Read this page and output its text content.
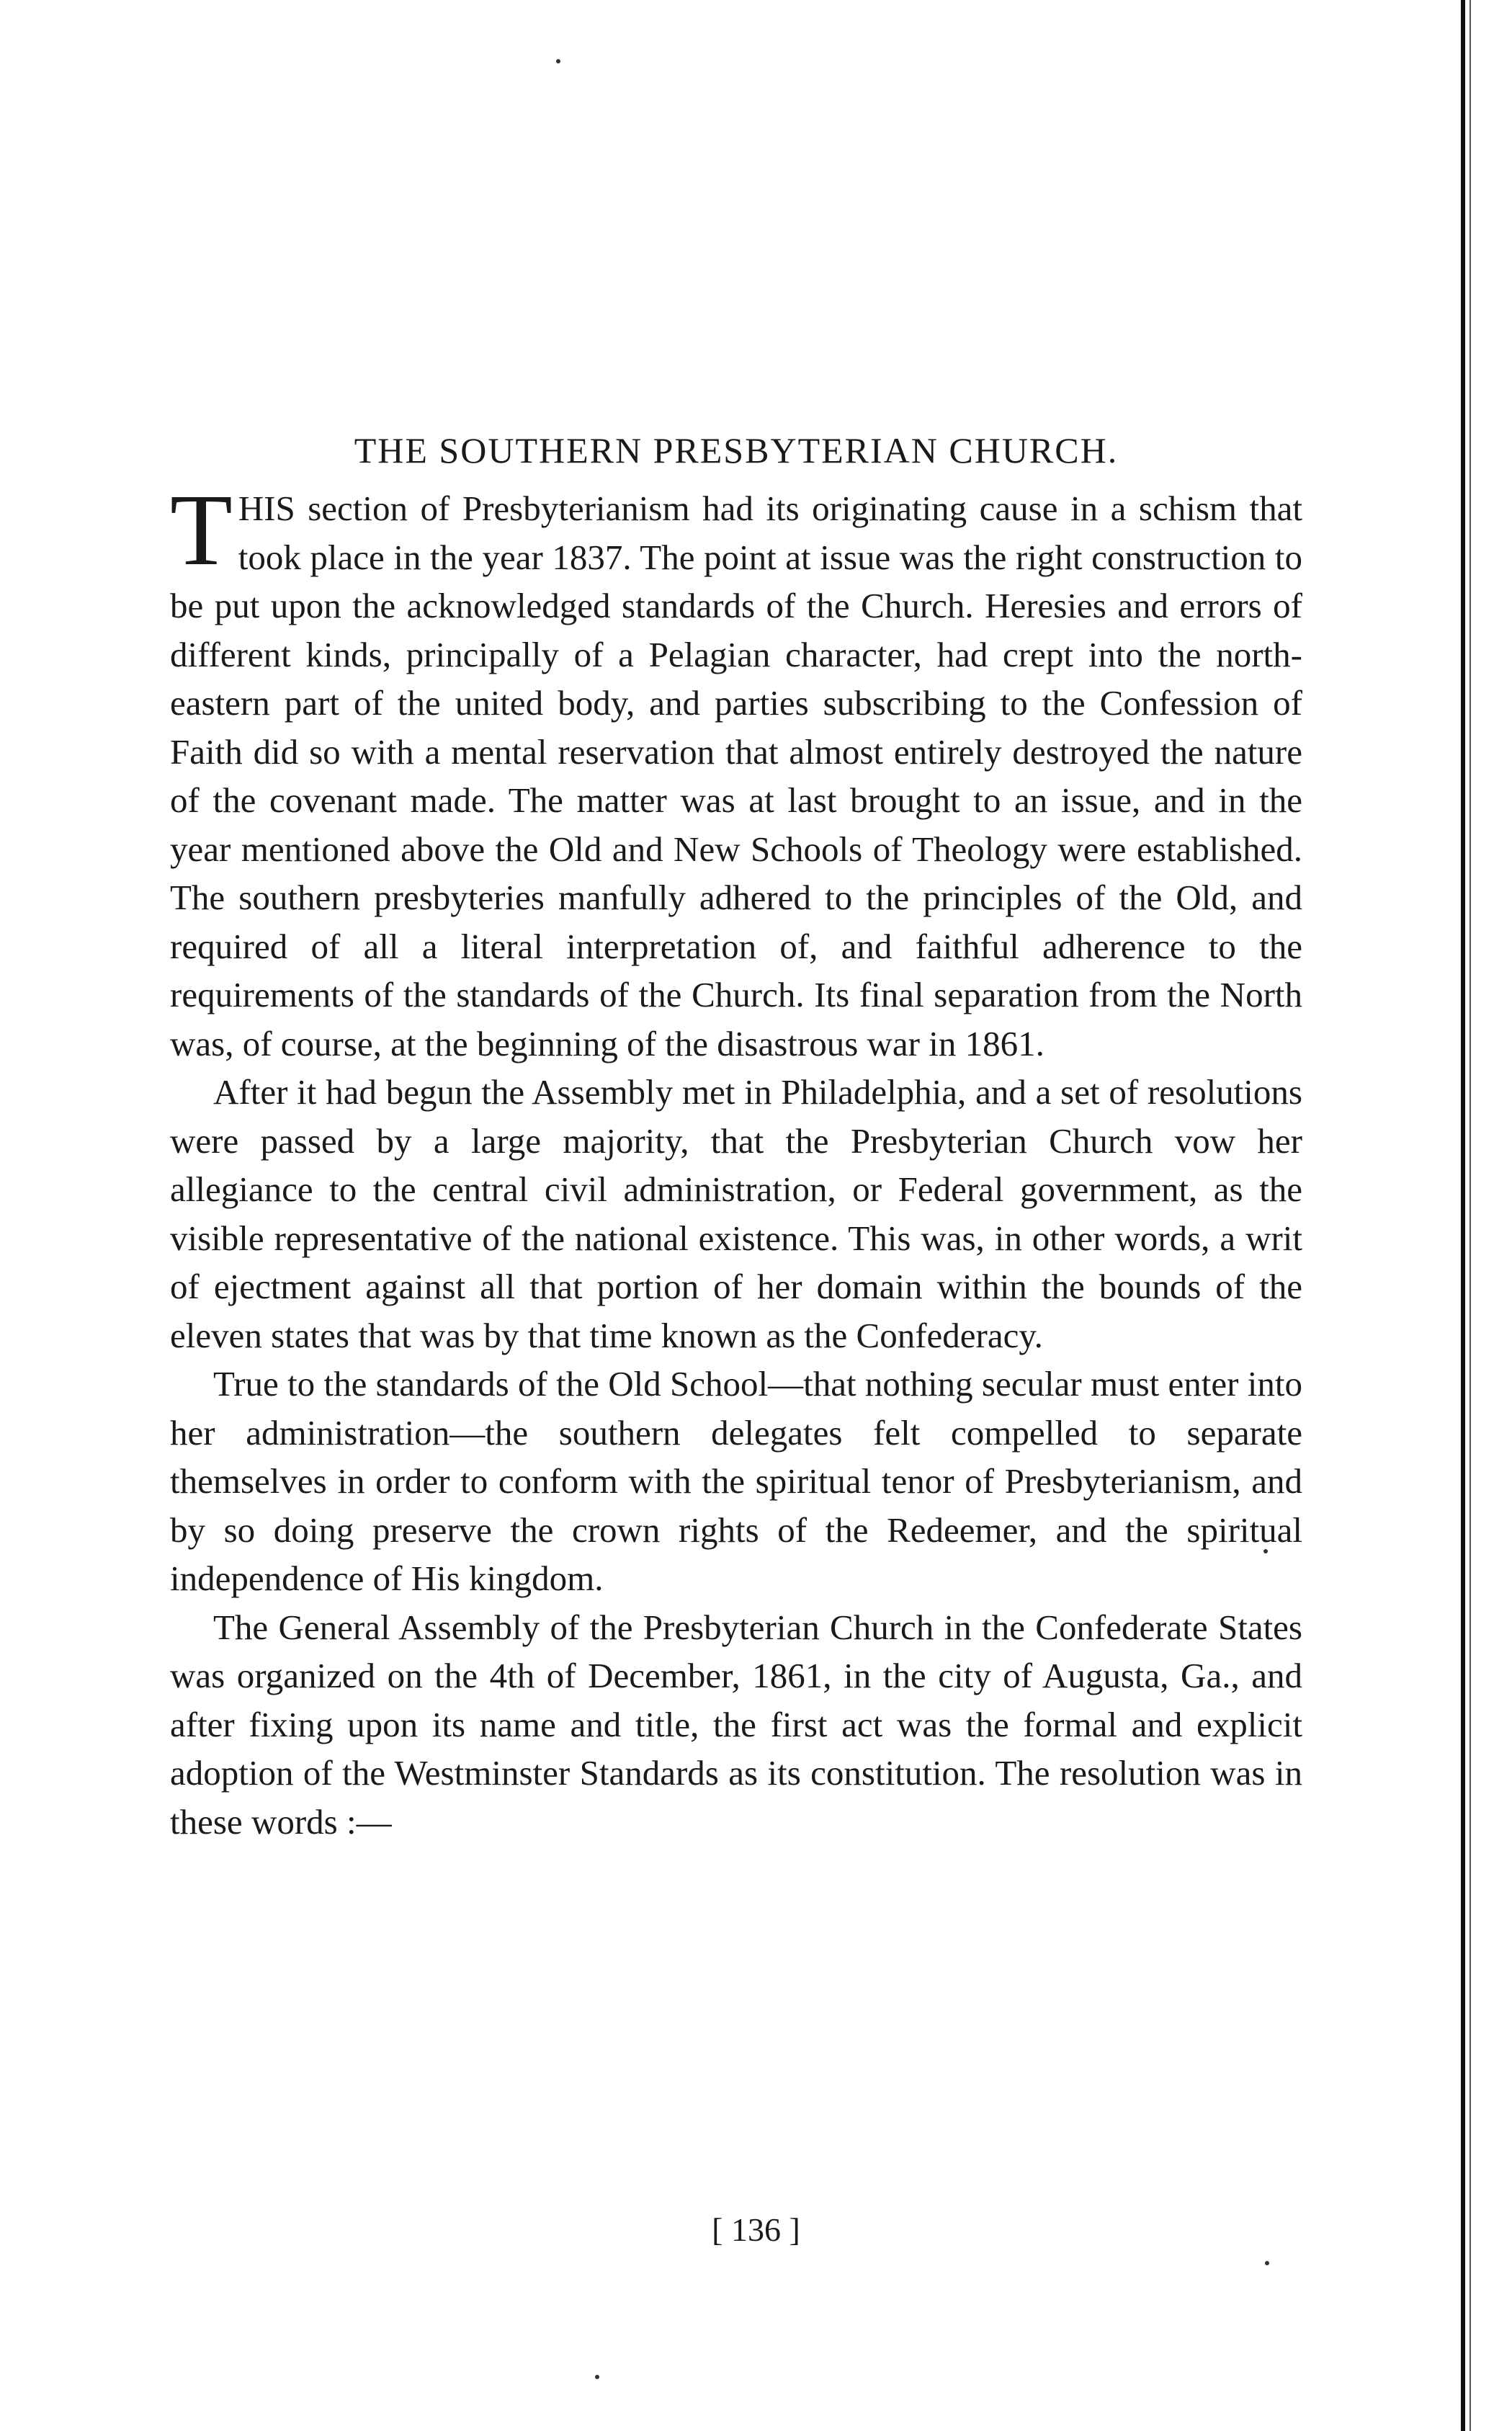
THE SOUTHERN PRESBYTERIAN CHURCH.

THIS section of Presbyterianism had its originating cause in a schism that took place in the year 1837. The point at issue was the right construction to be put upon the acknowledged standards of the Church. Heresies and errors of different kinds, principally of a Pelagian character, had crept into the north-eastern part of the united body, and parties subscribing to the Confession of Faith did so with a mental reservation that almost entirely destroyed the nature of the covenant made. The matter was at last brought to an issue, and in the year mentioned above the Old and New Schools of Theology were established. The southern presbyteries manfully adhered to the principles of the Old, and required of all a literal interpretation of, and faithful adherence to the requirements of the standards of the Church. Its final separation from the North was, of course, at the beginning of the disastrous war in 1861.

After it had begun the Assembly met in Philadelphia, and a set of resolutions were passed by a large majority, that the Presbyterian Church vow her allegiance to the central civil administration, or Federal government, as the visible representative of the national existence. This was, in other words, a writ of ejectment against all that portion of her domain within the bounds of the eleven states that was by that time known as the Confederacy.

True to the standards of the Old School—that nothing secular must enter into her administration—the southern delegates felt compelled to separate themselves in order to conform with the spiritual tenor of Presbyterianism, and by so doing preserve the crown rights of the Redeemer, and the spiritual independence of His kingdom.

The General Assembly of the Presbyterian Church in the Confederate States was organized on the 4th of December, 1861, in the city of Augusta, Ga., and after fixing upon its name and title, the first act was the formal and explicit adoption of the Westminster Standards as its constitution. The resolution was in these words :—

[ 136 ]
